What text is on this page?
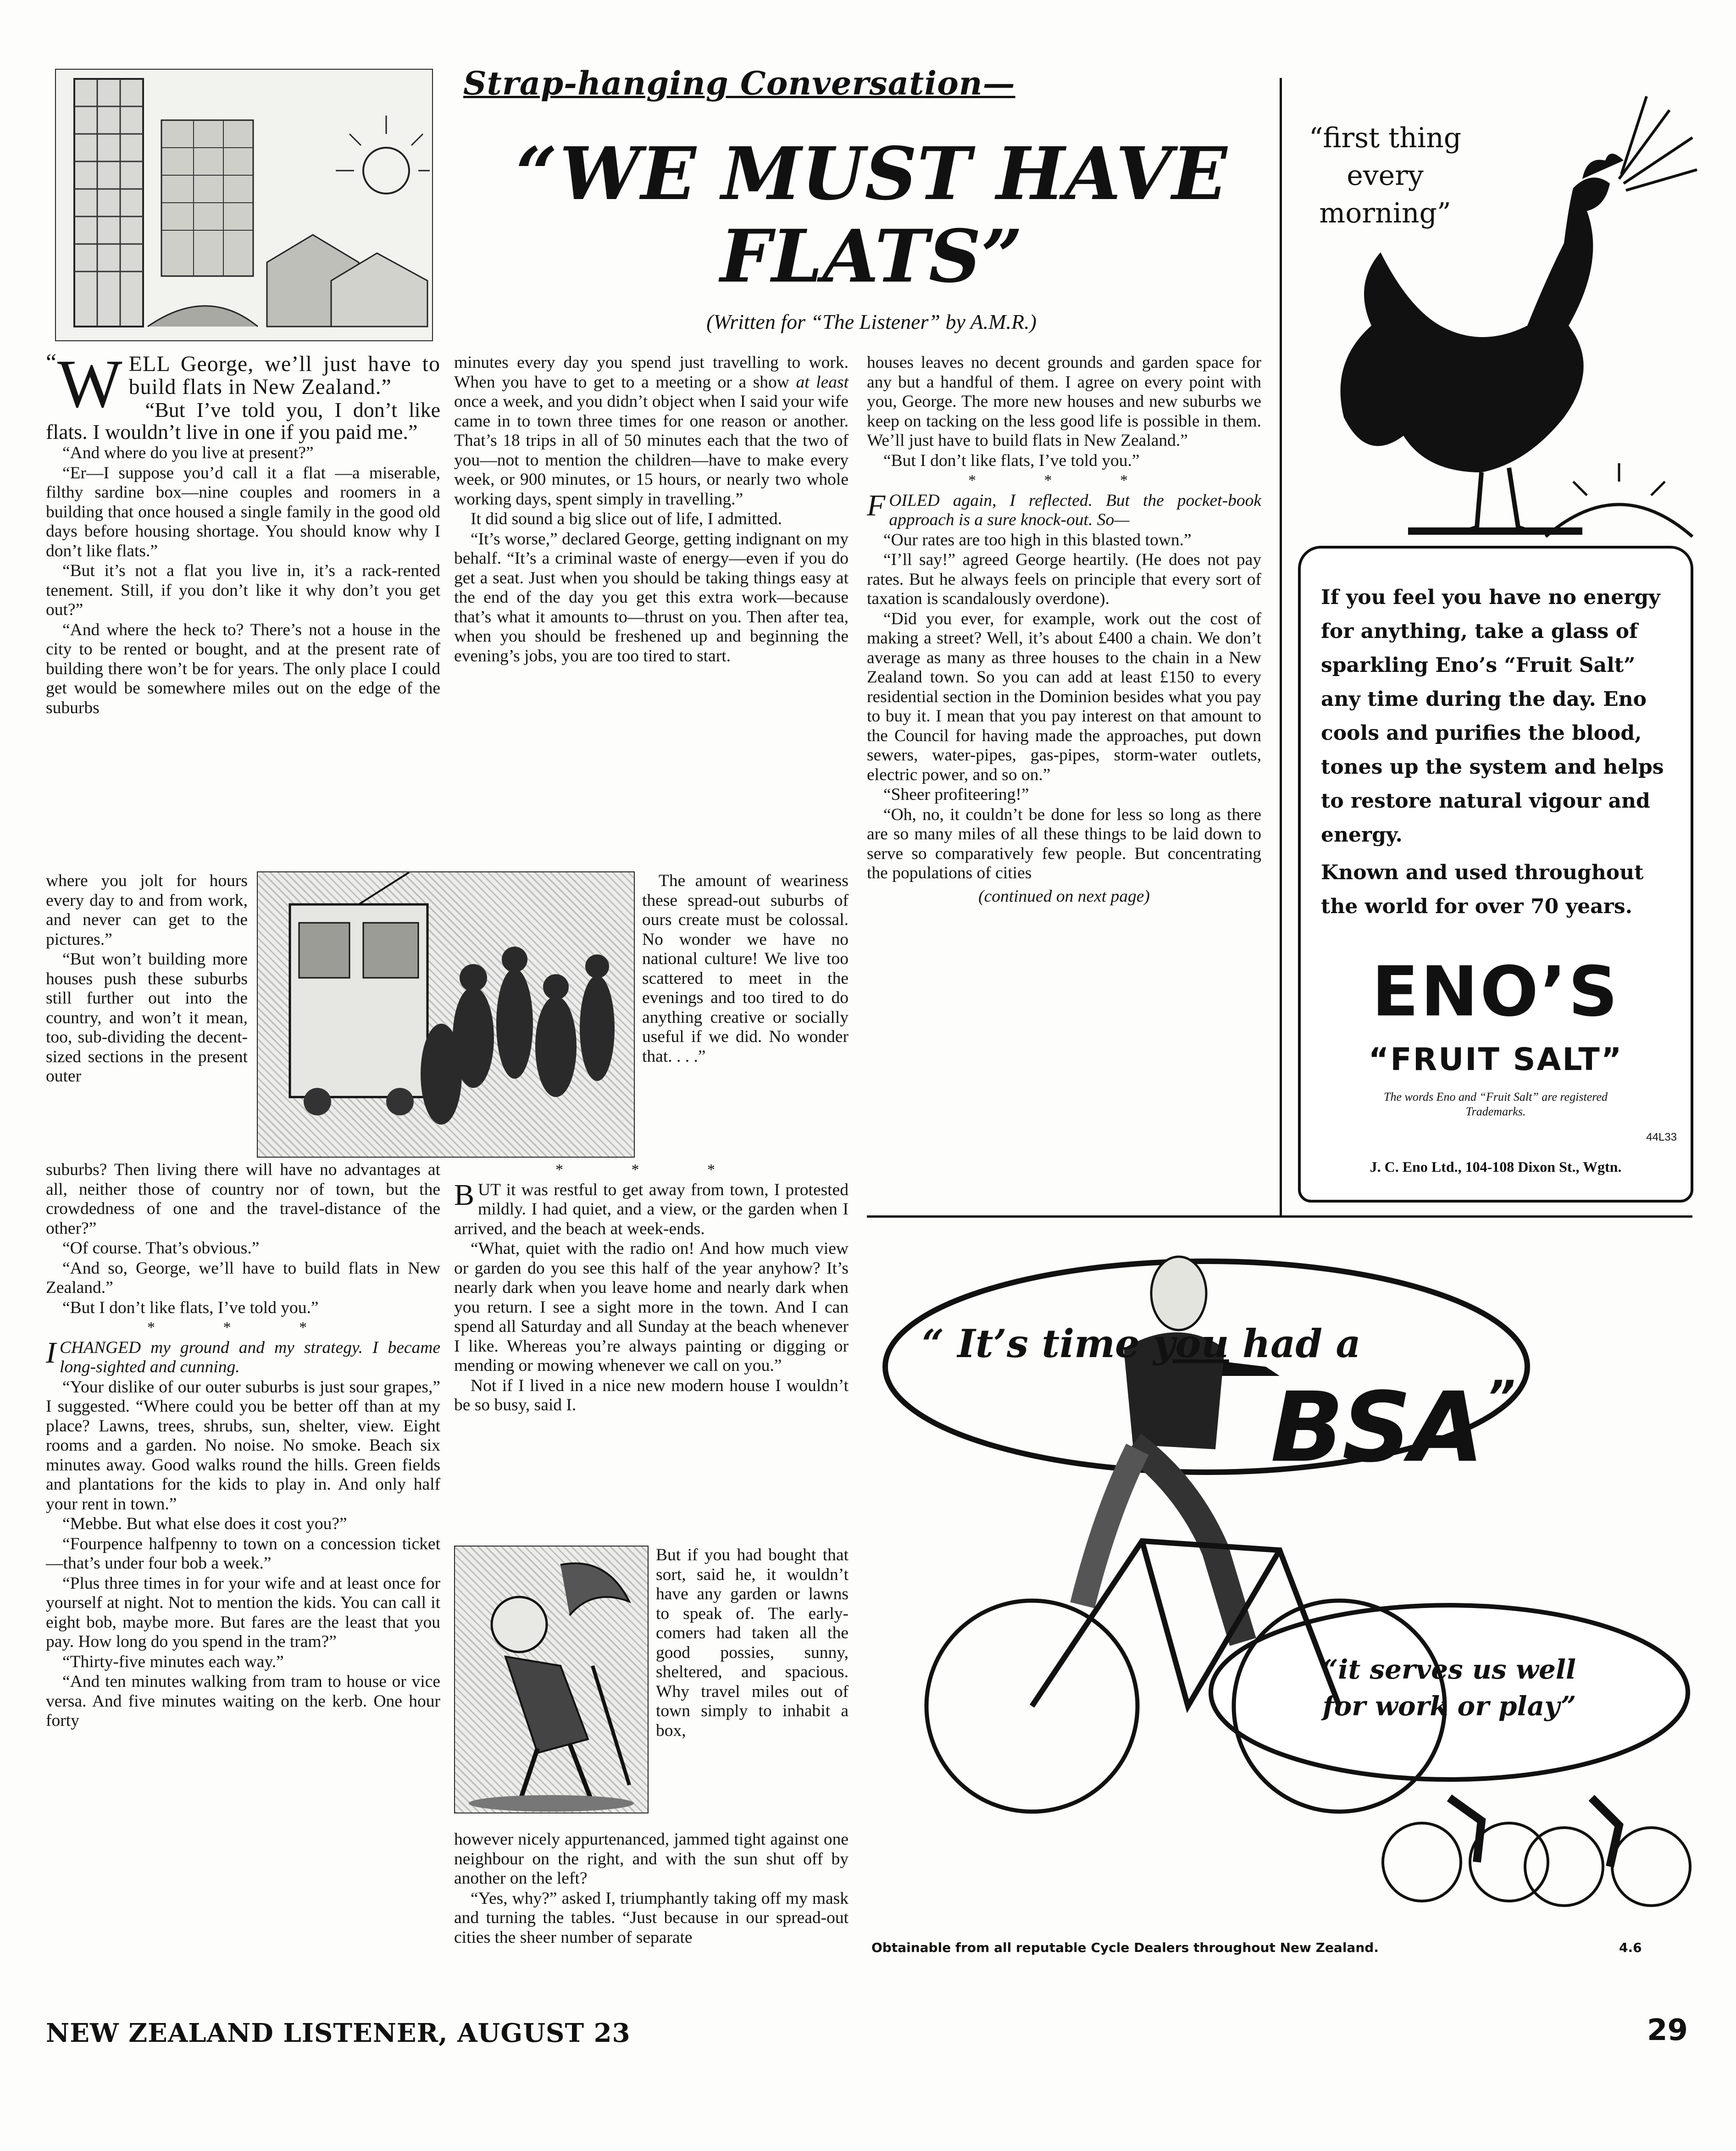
Strap-hanging Conversation—
“WE MUST HAVE
FLATS”
(Written for “The Listener” by A.M.R.)

“ W ELL George, we’ll just have to build flats in New Zealand.”

“But I’ve told you, I don’t like flats. I wouldn’t live in one if you paid me.”

“And where do you live at present?”

“Er—I suppose you’d call it a flat —a miserable, filthy sardine box—nine couples and roomers in a building that once housed a single family in the good old days before housing shortage. You should know why I don’t like flats.”

“But it’s not a flat you live in, it’s a rack-rented tenement. Still, if you don’t like it why don’t you get out?”

“And where the heck to? There’s not a house in the city to be rented or bought, and at the present rate of building there won’t be for years. The only place I could get would be somewhere miles out on the edge of the suburbs

where you jolt for hours every day to and from work, and never can get to the pictures.”

“But won’t building more houses push these suburbs still further out into the country, and won’t it mean, too, sub-dividing the decent-sized sections in the present outer

suburbs? Then living there will have no advantages at all, neither those of country nor of town, but the crowdedness of one and the travel-distance of the other?”

“Of course. That’s obvious.”

“And so, George, we’ll have to build flats in New Zealand.”

“But I don’t like flats, I’ve told you.”

* * *

I CHANGED my ground and my strategy. I became long-sighted and cunning.

“Your dislike of our outer suburbs is just sour grapes,” I suggested. “Where could you be better off than at my place? Lawns, trees, shrubs, sun, shelter, view. Eight rooms and a garden. No noise. No smoke. Beach six minutes away. Good walks round the hills. Green fields and plantations for the kids to play in. And only half your rent in town.”

“Mebbe. But what else does it cost you?”

“Fourpence halfpenny to town on a concession ticket—that’s under four bob a week.”

“Plus three times in for your wife and at least once for yourself at night. Not to mention the kids. You can call it eight bob, maybe more. But fares are the least that you pay. How long do you spend in the tram?”

“Thirty-five minutes each way.”

“And ten minutes walking from tram to house or vice versa. And five minutes waiting on the kerb. One hour forty

minutes every day you spend just travelling to work. When you have to get to a meeting or a show at least once a week, and you didn’t object when I said your wife came in to town three times for one reason or another. That’s 18 trips in all of 50 minutes each that the two of you—not to mention the children—have to make every week, or 900 minutes, or 15 hours, or nearly two whole working days, spent simply in travelling.”

It did sound a big slice out of life, I admitted.

“It’s worse,” declared George, getting indignant on my behalf. “It’s a criminal waste of energy—even if you do get a seat. Just when you should be taking things easy at the end of the day you get this extra work—because that’s what it amounts to—thrust on you. Then after tea, when you should be freshened up and beginning the evening’s jobs, you are too tired to start.

The amount of weariness these spread-out suburbs of ours create must be colossal. No wonder we have no national culture! We live too scattered to meet in the evenings and too tired to do anything creative or socially useful if we did. No wonder that. . . .”

* * *

B UT it was restful to get away from town, I protested mildly. I had quiet, and a view, or the garden when I arrived, and the beach at week-ends.

“What, quiet with the radio on! And how much view or garden do you see this half of the year anyhow? It’s nearly dark when you leave home and nearly dark when you return. I see a sight more in the town. And I can spend all Saturday and all Sunday at the beach whenever I like. Whereas you’re always painting or digging or mending or mowing whenever we call on you.”

Not if I lived in a nice new modern house I wouldn’t be so busy, said I.

But if you had bought that sort, said he, it wouldn’t have any garden or lawns to speak of. The early-comers had taken all the good possies, sunny, sheltered, and spacious. Why travel miles out of town simply to inhabit a box,

however nicely appurtenanced, jammed tight against one neighbour on the right, and with the sun shut off by another on the left?

“Yes, why?” asked I, triumphantly taking off my mask and turning the tables. “Just because in our spread-out cities the sheer number of separate

houses leaves no decent grounds and garden space for any but a handful of them. I agree on every point with you, George. The more new houses and new suburbs we keep on tacking on the less good life is possible in them. We’ll just have to build flats in New Zealand.”

“But I don’t like flats, I’ve told you.”

* * *

F OILED again, I reflected. But the pocket-book approach is a sure knock-out. So—

“Our rates are too high in this blasted town.”

“I’ll say!” agreed George heartily. (He does not pay rates. But he always feels on principle that every sort of taxation is scandalously overdone).

“Did you ever, for example, work out the cost of making a street? Well, it’s about £400 a chain. We don’t average as many as three houses to the chain in a New Zealand town. So you can add at least £150 to every residential section in the Dominion besides what you pay to buy it. I mean that you pay interest on that amount to the Council for having made the approaches, put down sewers, water-pipes, gas-pipes, storm-water outlets, electric power, and so on.”

“Sheer profiteering!”

“Oh, no, it couldn’t be done for less so long as there are so many miles of all these things to be laid down to serve so comparatively few people. But concentrating the populations of cities

(continued on next page)

“first thing
every
morning”
If you feel you have no energy for anything, take a glass of sparkling Eno’s “Fruit Salt” any time during the day. Eno cools and purifies the blood, tones up the system and helps to restore natural vigour and energy.
Known and used throughout the world for over 70 years.
ENO’S
“FRUIT SALT”
The words Eno and “Fruit Salt” are registered Trademarks.
44L33
J. C. Eno Ltd., 104-108 Dixon St., Wgtn.
“ It’s time you had a
BSA ”
“it serves us well
for work or play”
Obtainable from all reputable Cycle Dealers throughout New Zealand.	4.6
NEW ZEALAND LISTENER, AUGUST 23	29
